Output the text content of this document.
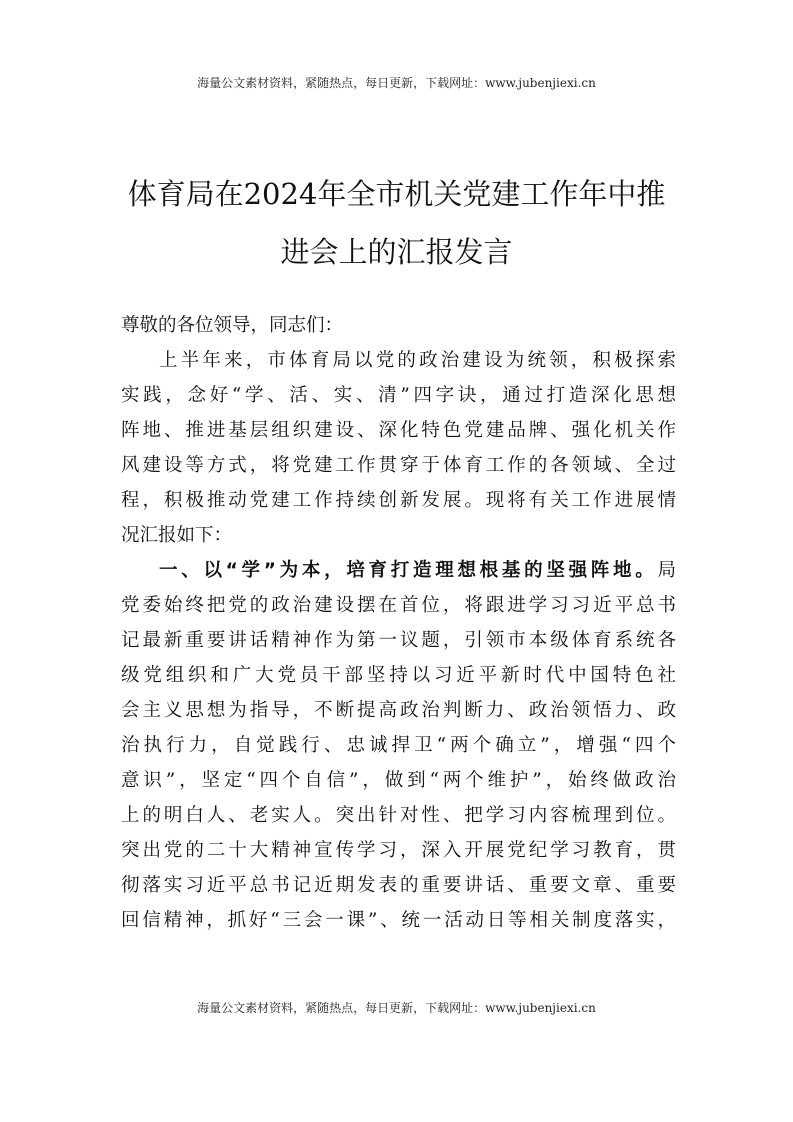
海量公文素材资料，紧随热点，每日更新，下载网址：www.jubenjiexi.cn
体育局在2024年全市机关党建工作年中推
进会上的汇报发言
尊敬的各位领导，同志们：
上半年来，市体育局以党的政治建设为统领，积极探索
实践，念好“学、活、实、清”四字诀，通过打造深化思想
阵地、推进基层组织建设、深化特色党建品牌、强化机关作
风建设等方式，将党建工作贯穿于体育工作的各领域、全过
程，积极推动党建工作持续创新发展。现将有关工作进展情
况汇报如下：
一、以“学”为本，培育打造理想根基的坚强阵地。局
党委始终把党的政治建设摆在首位，将跟进学习习近平总书
记最新重要讲话精神作为第一议题，引领市本级体育系统各
级党组织和广大党员干部坚持以习近平新时代中国特色社
会主义思想为指导，不断提高政治判断力、政治领悟力、政
治执行力，自觉践行、忠诚捍卫“两个确立”，增强“四个
意识”，坚定“四个自信”，做到“两个维护”，始终做政治
上的明白人、老实人。突出针对性、把学习内容梳理到位。
突出党的二十大精神宣传学习，深入开展党纪学习教育，贯
彻落实习近平总书记近期发表的重要讲话、重要文章、重要
回信精神，抓好“三会一课”、统一活动日等相关制度落实，
海量公文素材资料，紧随热点，每日更新，下载网址：www.jubenjiexi.cn
